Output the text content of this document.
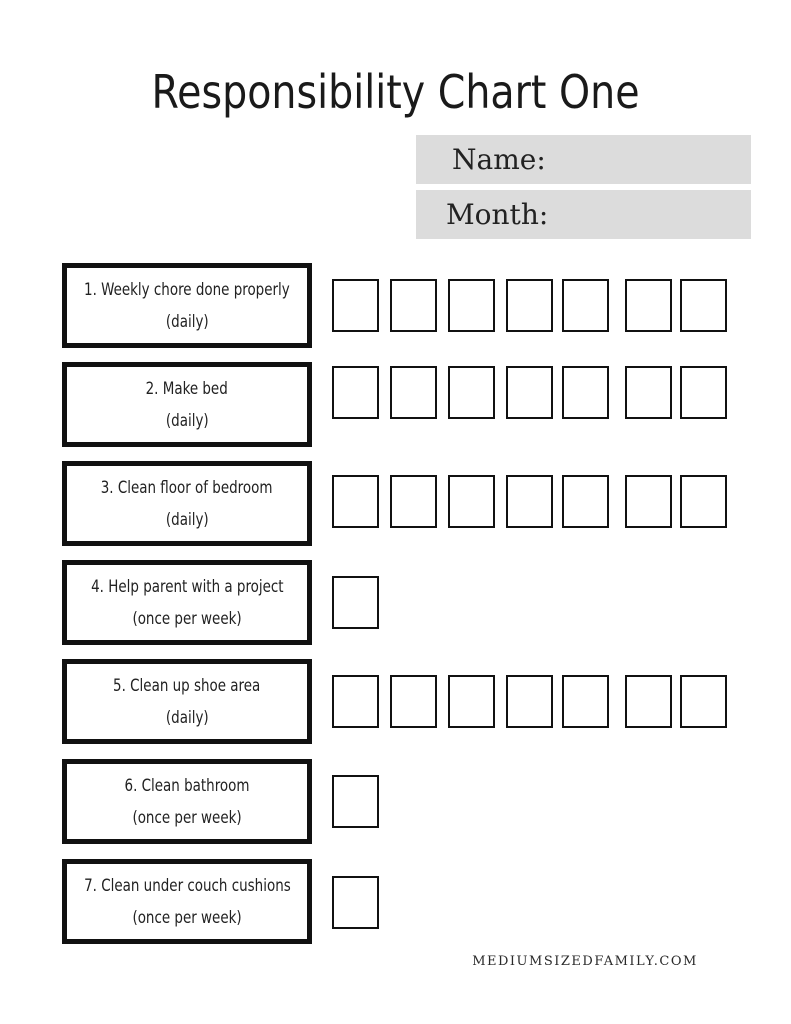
Responsibility Chart One
Name:
Month:
1. Weekly chore done properly
(daily)
2. Make bed
(daily)
3. Clean floor of bedroom
(daily)
4. Help parent with a project
(once per week)
5. Clean up shoe area
(daily)
6. Clean bathroom
(once per week)
7. Clean under couch cushions
(once per week)
MEDIUMSIZEDFAMILY.COM
